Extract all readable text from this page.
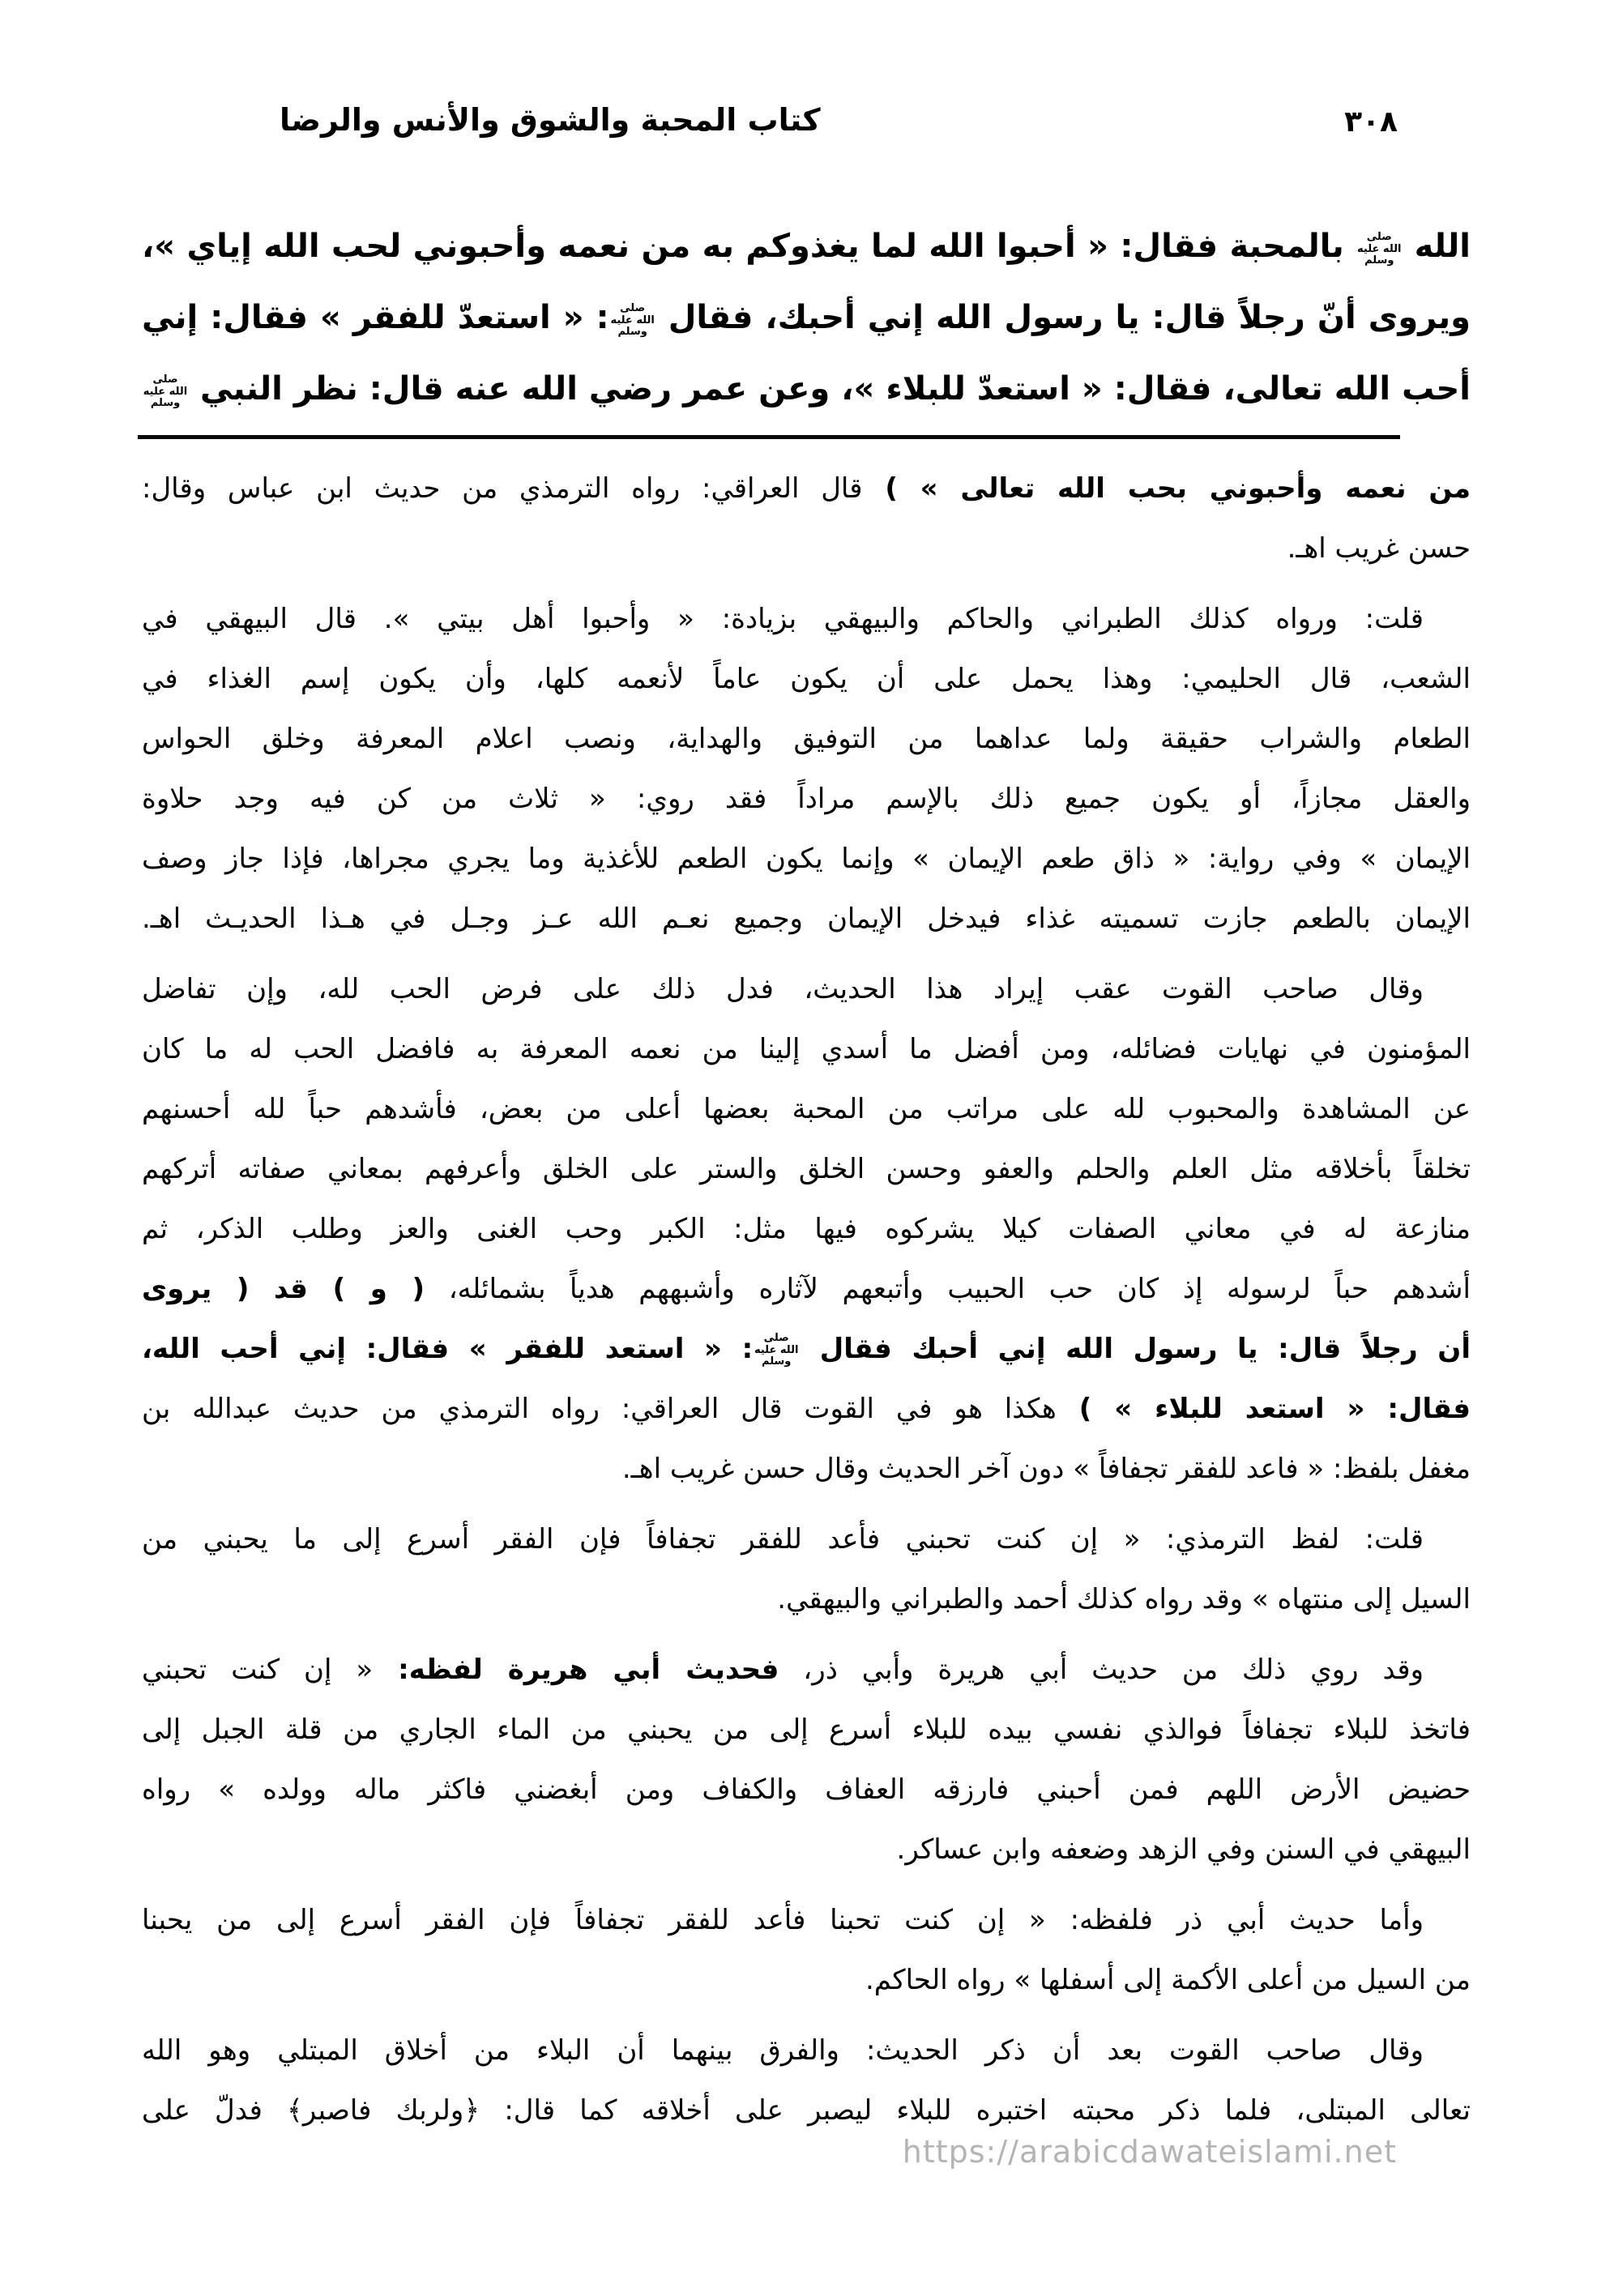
كتاب المحبة والشوق والأنس والرضا	٣٠٨
الله صلى الله عليه وسلم بالمحبة فقال: « أحبوا الله لما يغذوكم به من نعمه وأحبوني لحب الله إياي »،
ويروى أنّ رجلاً قال: يا رسول الله إني أحبك، فقال صلى الله عليه وسلم: « استعدّ للفقر » فقال: إني
أحب الله تعالى، فقال: « استعدّ للبلاء »، وعن عمر رضي الله عنه قال: نظر النبي صلى الله عليه وسلم
من نعمه وأحبوني بحب الله تعالى » ) قال العراقي: رواه الترمذي من حديث ابن عباس وقال:
حسن غريب اهـ.
قلت: ورواه كذلك الطبراني والحاكم والبيهقي بزيادة: « وأحبوا أهل بيتي ». قال البيهقي في
الشعب، قال الحليمي: وهذا يحمل على أن يكون عاماً لأنعمه كلها، وأن يكون إسم الغذاء في
الطعام والشراب حقيقة ولما عداهما من التوفيق والهداية، ونصب اعلام المعرفة وخلق الحواس
والعقل مجازاً، أو يكون جميع ذلك بالإسم مراداً فقد روي: « ثلاث من كن فيه وجد حلاوة
الإيمان » وفي رواية: « ذاق طعم الإيمان » وإنما يكون الطعم للأغذية وما يجري مجراها، فإذا جاز وصف
الإيمان بالطعم جازت تسميته غذاء فيدخل الإيمان وجميع نعـم الله عـز وجـل في هـذا الحديـث اهـ.
وقال صاحب القوت عقب إيراد هذا الحديث، فدل ذلك على فرض الحب لله، وإن تفاضل
المؤمنون في نهايات فضائله، ومن أفضل ما أسدي إلينا من نعمه المعرفة به فافضل الحب له ما كان
عن المشاهدة والمحبوب لله على مراتب من المحبة بعضها أعلى من بعض، فأشدهم حباً لله أحسنهم
تخلقاً بأخلاقه مثل العلم والحلم والعفو وحسن الخلق والستر على الخلق وأعرفهم بمعاني صفاته أتركهم
منازعة له في معاني الصفات كيلا يشركوه فيها مثل: الكبر وحب الغنى والعز وطلب الذكر، ثم
أشدهم حباً لرسوله إذ كان حب الحبيب وأتبعهم لآثاره وأشبههم هدياً بشمائله، ( و ) قد ( يروى
أن رجلاً قال: يا رسول الله إني أحبك فقال صلى الله عليه وسلم: « استعد للفقر » فقال: إني أحب الله،
فقال: « استعد للبلاء » ) هكذا هو في القوت قال العراقي: رواه الترمذي من حديث عبدالله بن
مغفل بلفظ: « فاعد للفقر تجفافاً » دون آخر الحديث وقال حسن غريب اهـ.
قلت: لفظ الترمذي: « إن كنت تحبني فأعد للفقر تجفافاً فإن الفقر أسرع إلى ما يحبني من
السيل إلى منتهاه » وقد رواه كذلك أحمد والطبراني والبيهقي.
وقد روي ذلك من حديث أبي هريرة وأبي ذر، فحديث أبي هريرة لفظه: « إن كنت تحبني
فاتخذ للبلاء تجفافاً فوالذي نفسي بيده للبلاء أسرع إلى من يحبني من الماء الجاري من قلة الجبل إلى
حضيض الأرض اللهم فمن أحبني فارزقه العفاف والكفاف ومن أبغضني فاكثر ماله وولده » رواه
البيهقي في السنن وفي الزهد وضعفه وابن عساكر.
وأما حديث أبي ذر فلفظه: « إن كنت تحبنا فأعد للفقر تجفافاً فإن الفقر أسرع إلى من يحبنا
من السيل من أعلى الأكمة إلى أسفلها » رواه الحاكم.
وقال صاحب القوت بعد أن ذكر الحديث: والفرق بينهما أن البلاء من أخلاق المبتلي وهو الله
تعالى المبتلى، فلما ذكر محبته اختبره للبلاء ليصبر على أخلاقه كما قال: ﴿ولربك فاصبر﴾ فدلّ على
https://arabicdawateislami.net
